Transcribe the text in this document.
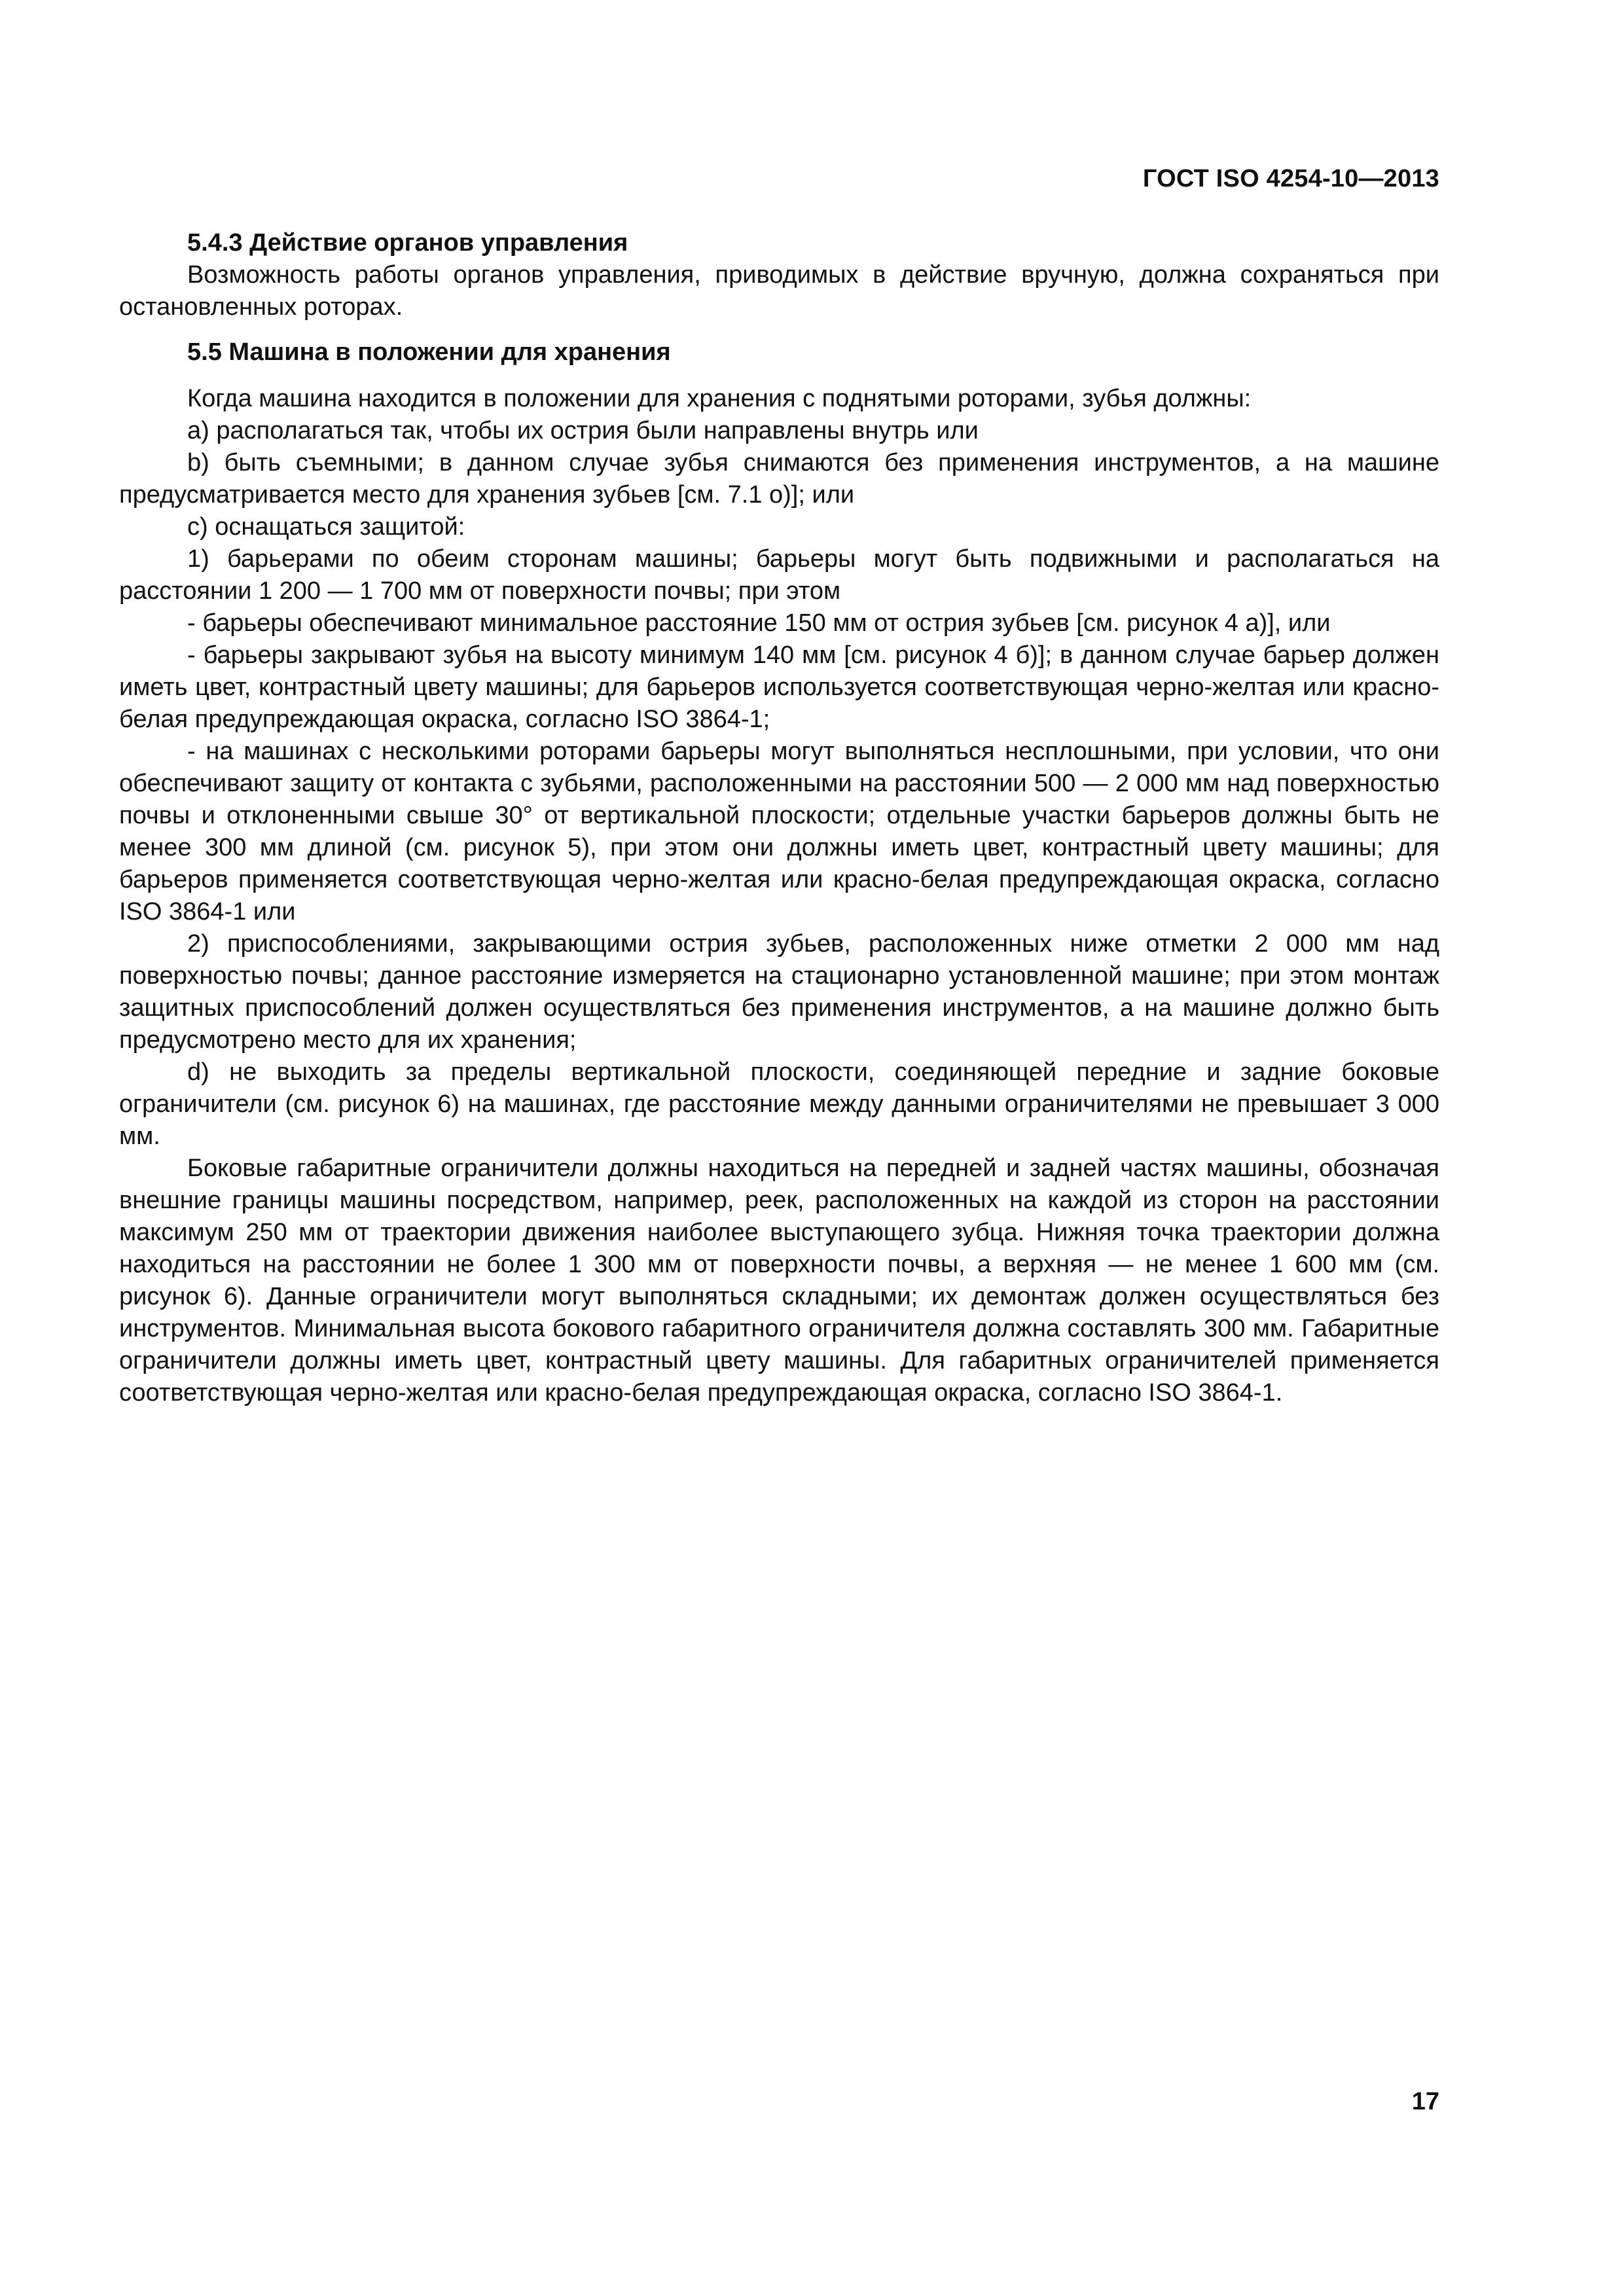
ГОСТ ISO 4254-10—2013
5.4.3 Действие органов управления

Возможность работы органов управления, приводимых в действие вручную, должна сохраняться при остановленных роторах.

5.5 Машина в положении для хранения

Когда машина находится в положении для хранения с поднятыми роторами, зубья должны:

а) располагаться так, чтобы их острия были направлены внутрь или

b) быть съемными; в данном случае зубья снимаются без применения инструментов, а на машине предусматривается место для хранения зубьев [см. 7.1 о)]; или

с) оснащаться защитой:

1) барьерами по обеим сторонам машины; барьеры могут быть подвижными и располагаться на расстоянии 1 200 — 1 700 мм от поверхности почвы; при этом

- барьеры обеспечивают минимальное расстояние 150 мм от острия зубьев [см. рисунок 4 а)], или

- барьеры закрывают зубья на высоту минимум 140 мм [см. рисунок 4 б)]; в данном случае барьер должен иметь цвет, контрастный цвету машины; для барьеров используется соответствующая черно-желтая или красно-белая предупреждающая окраска, согласно ISO 3864-1;

- на машинах с несколькими роторами барьеры могут выполняться несплошными, при условии, что они обеспечивают защиту от контакта с зубьями, расположенными на расстоянии 500 — 2 000 мм над поверхностью почвы и отклоненными свыше 30° от вертикальной плоскости; отдельные участки барьеров должны быть не менее 300 мм длиной (см. рисунок 5), при этом они должны иметь цвет, контрастный цвету машины; для барьеров применяется соответствующая черно-желтая или красно-белая предупреждающая окраска, согласно ISO 3864-1 или

2) приспособлениями, закрывающими острия зубьев, расположенных ниже отметки 2 000 мм над поверхностью почвы; данное расстояние измеряется на стационарно установленной машине; при этом монтаж защитных приспособлений должен осуществляться без применения инструментов, а на машине должно быть предусмотрено место для их хранения;

d) не выходить за пределы вертикальной плоскости, соединяющей передние и задние боковые ограничители (см. рисунок 6) на машинах, где расстояние между данными ограничителями не превышает 3 000 мм.

Боковые габаритные ограничители должны находиться на передней и задней частях машины, обозначая внешние границы машины посредством, например, реек, расположенных на каждой из сторон на расстоянии максимум 250 мм от траектории движения наиболее выступающего зубца. Нижняя точка траектории должна находиться на расстоянии не более 1 300 мм от поверхности почвы, а верхняя — не менее 1 600 мм (см. рисунок 6). Данные ограничители могут выполняться складными; их демонтаж должен осуществляться без инструментов. Минимальная высота бокового габаритного ограничителя должна составлять 300 мм. Габаритные ограничители должны иметь цвет, контрастный цвету машины. Для габаритных ограничителей применяется соответствующая черно-желтая или красно-белая предупреждающая окраска, согласно ISO 3864-1.

17
